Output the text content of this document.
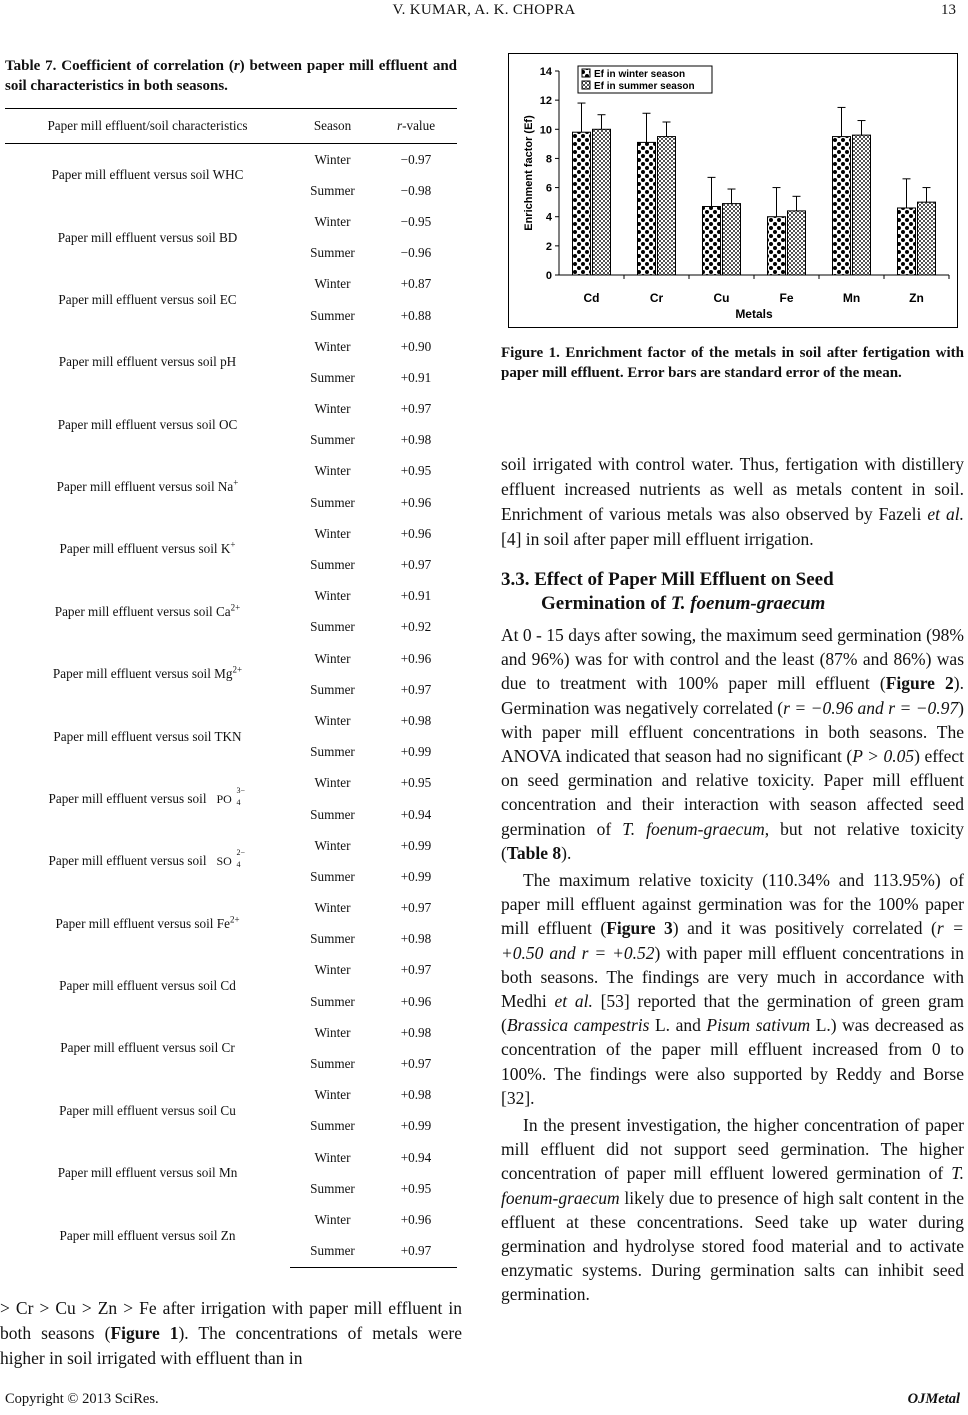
V. KUMAR, A. K. CHOPRA	13
Table 7. Coefficient of correlation (r) between paper mill effluent and soil characteristics in both seasons.
Paper mill effluent/soil characteristics	Season	r-value
Paper mill effluent versus soil WHC	Winter	−0.97
	Summer	−0.98
Paper mill effluent versus soil BD	Winter	−0.95
	Summer	−0.96
Paper mill effluent versus soil EC	Winter	+0.87
	Summer	+0.88
Paper mill effluent versus soil pH	Winter	+0.90
	Summer	+0.91
Paper mill effluent versus soil OC	Winter	+0.97
	Summer	+0.98
Paper mill effluent versus soil Na+	Winter	+0.95
	Summer	+0.96
Paper mill effluent versus soil K+	Winter	+0.96
	Summer	+0.97
Paper mill effluent versus soil $Ca^{2+}$	Winter	+0.91
	Summer	+0.92
Paper mill effluent versus soil $Mg^{2+}$	Winter	+0.96
	Summer	+0.97
Paper mill effluent versus soil TKN	Winter	+0.98
	Summer	+0.99
Paper mill effluent versus soil PO
3−
4	Winter	+0.95
	Summer	+0.94
Paper mill effluent versus soil SO
2−
4	Winter	+0.99
	Summer	+0.99
Paper mill effluent versus soil $Fe^{2+}$	Winter	+0.97
	Summer	+0.98
Paper mill effluent versus soil Cd	Winter	+0.97
	Summer	+0.96
Paper mill effluent versus soil Cr	Winter	+0.98
	Summer	+0.97
Paper mill effluent versus soil Cu	Winter	+0.98
	Summer	+0.99
Paper mill effluent versus soil Mn	Winter	+0.94
	Summer	+0.95
Paper mill effluent versus soil Zn	Winter	+0.96
	Summer	+0.97
> Cr > Cu > Zn > Fe after irrigation with paper mill effluent in both seasons (Figure 1). The concentrations of metals were higher in soil irrigated with effluent than in
0
2
4
6
8
10
12
14
Cd	Cr	Cu	Fe	Mn	Zn
Metals
Enrichment factor (Ef)
Ef in winter season
Ef in summer season
Figure 1. Enrichment factor of the metals in soil after fertigation with paper mill effluent. Error bars are standard error of the mean.
soil irrigated with control water. Thus, fertigation with distillery effluent increased nutrients as well as metals content in soil. Enrichment of various metals was also observed by Fazeli et al. [4] in soil after paper mill effluent irrigation.
3.3. Effect of Paper Mill Effluent on Seed
Germination of T. foenum-graecum

At 0 - 15 days after sowing, the maximum seed germination (98% and 96%) was for with control and the least (87% and 86%) was due to treatment with 100% paper mill effluent (Figure 2). Germination was negatively correlated (r = −0.96 and r = −0.97) with paper mill effluent concentrations in both seasons. The ANOVA indicated that season had no significant (P > 0.05) effect on seed germination and relative toxicity. Paper mill effluent concentration and their interaction with season affected seed germination of T. foenum-graecum, but not relative toxicity (Table 8).

The maximum relative toxicity (110.34% and 113.95%) of paper mill effluent against germination was for the 100% paper mill effluent (Figure 3) and it was positively correlated (r = +0.50 and r = +0.52) with paper mill effluent concentrations in both seasons. The findings are very much in accordance with Medhi et al. [53] reported that the germination of green gram (Brassica campestris L. and Pisum sativum L.) was decreased as concentration of the paper mill effluent increased from 0 to 100%. The findings were also supported by Reddy and Borse [32].

In the present investigation, the higher concentration of paper mill effluent did not support seed germination. The higher concentration of paper mill effluent lowered germination of T. foenum-graecum likely due to presence of high salt content in the effluent at these concentrations. Seed take up water during germination and hydrolyse stored food material and to activate enzymatic systems. During germination salts can inhibit seed germination.

Copyright © 2013 SciRes.	OJMetal
